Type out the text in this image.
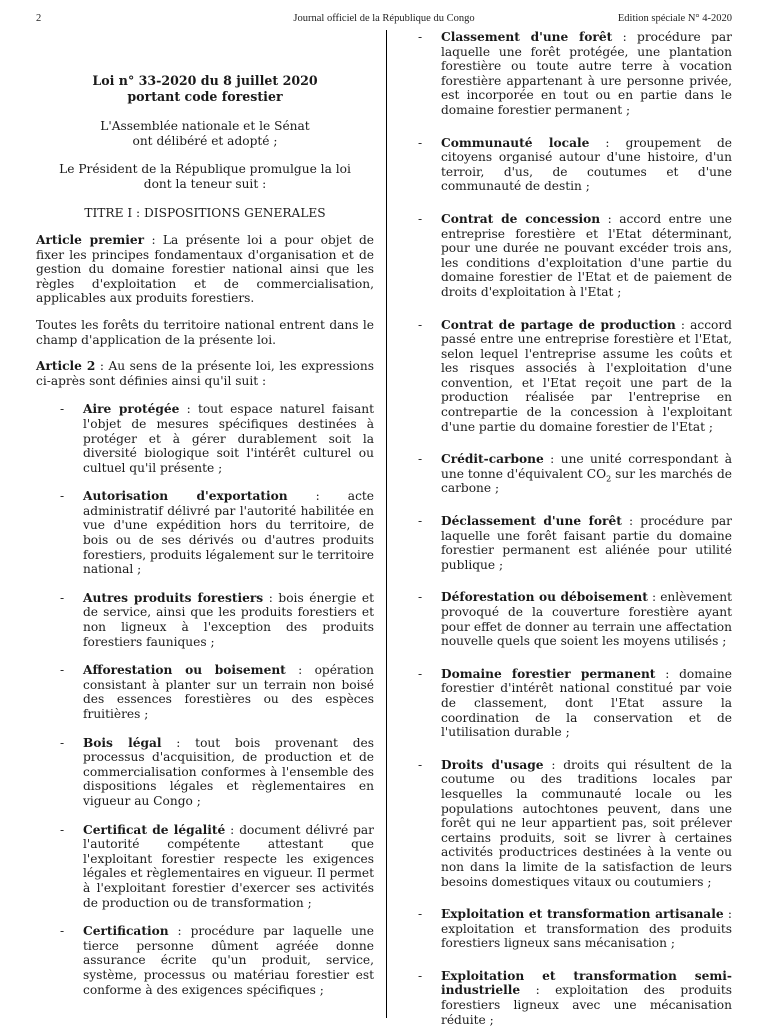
2	Journal officiel de la République du Congo	Edition spéciale N° 4-2020
Loi n° 33-2020 du 8 juillet 2020
portant code forestier
L'Assemblée nationale et le Sénat
ont délibéré et adopté ;
Le Président de la République promulgue la loi
dont la teneur suit :
TITRE I : DISPOSITIONS GENERALES

Article premier : La présente loi a pour objet de fixer les principes fondamentaux d'organisation et de gestion du domaine forestier national ainsi que les règles d'exploitation et de commercialisation, applicables aux produits forestiers.

Toutes les forêts du territoire national entrent dans le champ d'application de la présente loi.

Article 2 : Au sens de la présente loi, les expressions ci-après sont définies ainsi qu'il suit :

- Aire protégée : tout espace naturel faisant l'objet de mesures spécifiques destinées à protéger et à gérer durablement soit la diversité biologique soit l'intérêt culturel ou cultuel qu'il présente ;
- Autorisation d'exportation : acte administratif délivré par l'autorité habilitée en vue d'une expédition hors du territoire, de bois ou de ses dérivés ou d'autres produits forestiers, produits légalement sur le territoire national ;
- Autres produits forestiers : bois énergie et de service, ainsi que les produits forestiers et non ligneux à l'exception des produits forestiers fauniques ;
- Afforestation ou boisement : opération consistant à planter sur un terrain non boisé des essences forestières ou des espèces fruitières ;
- Bois légal : tout bois provenant des processus d'acquisition, de production et de commercialisation conformes à l'ensemble des dispositions légales et règlementaires en vigueur au Congo ;
- Certificat de légalité : document délivré par l'autorité compétente attestant que l'exploitant forestier respecte les exigences légales et règlementaires en vigueur. Il permet à l'exploitant forestier d'exercer ses activités de production ou de transformation ;
- Certification : procédure par laquelle une tierce personne dûment agréée donne assurance écrite qu'un produit, service, système, processus ou matériau forestier est conforme à des exigences spécifiques ;
- Classement d'une forêt : procédure par laquelle une forêt protégée, une plantation forestière ou toute autre terre à vocation forestière appartenant à ure personne privée, est incorporée en tout ou en partie dans le domaine forestier permanent ;
- Communauté locale : groupement de citoyens organisé autour d'une histoire, d'un terroir, d'us, de coutumes et d'une communauté de destin ;
- Contrat de concession : accord entre une entreprise forestière et l'Etat déterminant, pour une durée ne pouvant excéder trois ans, les conditions d'exploitation d'une partie du domaine forestier de l'Etat et de paiement de droits d'exploitation à l'Etat ;
- Contrat de partage de production : accord passé entre une entreprise forestière et l'Etat, selon lequel l'entreprise assume les coûts et les risques associés à l'exploitation d'une convention, et l'Etat reçoit une part de la production réalisée par l'entreprise en contrepartie de la concession à l'exploitant d'une partie du domaine forestier de l'Etat ;
- Crédit-carbone : une unité correspondant à une tonne d'équivalent $CO_2$ sur les marchés de carbone ;
- Déclassement d'une forêt : procédure par laquelle une forêt faisant partie du domaine forestier permanent est aliénée pour utilité publique ;
- Déforestation ou déboisement : enlèvement provoqué de la couverture forestière ayant pour effet de donner au terrain une affectation nouvelle quels que soient les moyens utilisés ;
- Domaine forestier permanent : domaine forestier d'intérêt national constitué par voie de classement, dont l'Etat assure la coordination de la conservation et de l'utilisation durable ;
- Droits d'usage : droits qui résultent de la coutume ou des traditions locales par lesquelles la communauté locale ou les populations autochtones peuvent, dans une forêt qui ne leur appartient pas, soit prélever certains produits, soit se livrer à certaines activités productrices destinées à la vente ou non dans la limite de la satisfaction de leurs besoins domestiques vitaux ou coutumiers ;
- Exploitation et transformation artisanale : exploitation et transformation des produits forestiers ligneux sans mécanisation ;
- Exploitation et transformation semi-industrielle : exploitation des produits forestiers ligneux avec une mécanisation réduite ;
